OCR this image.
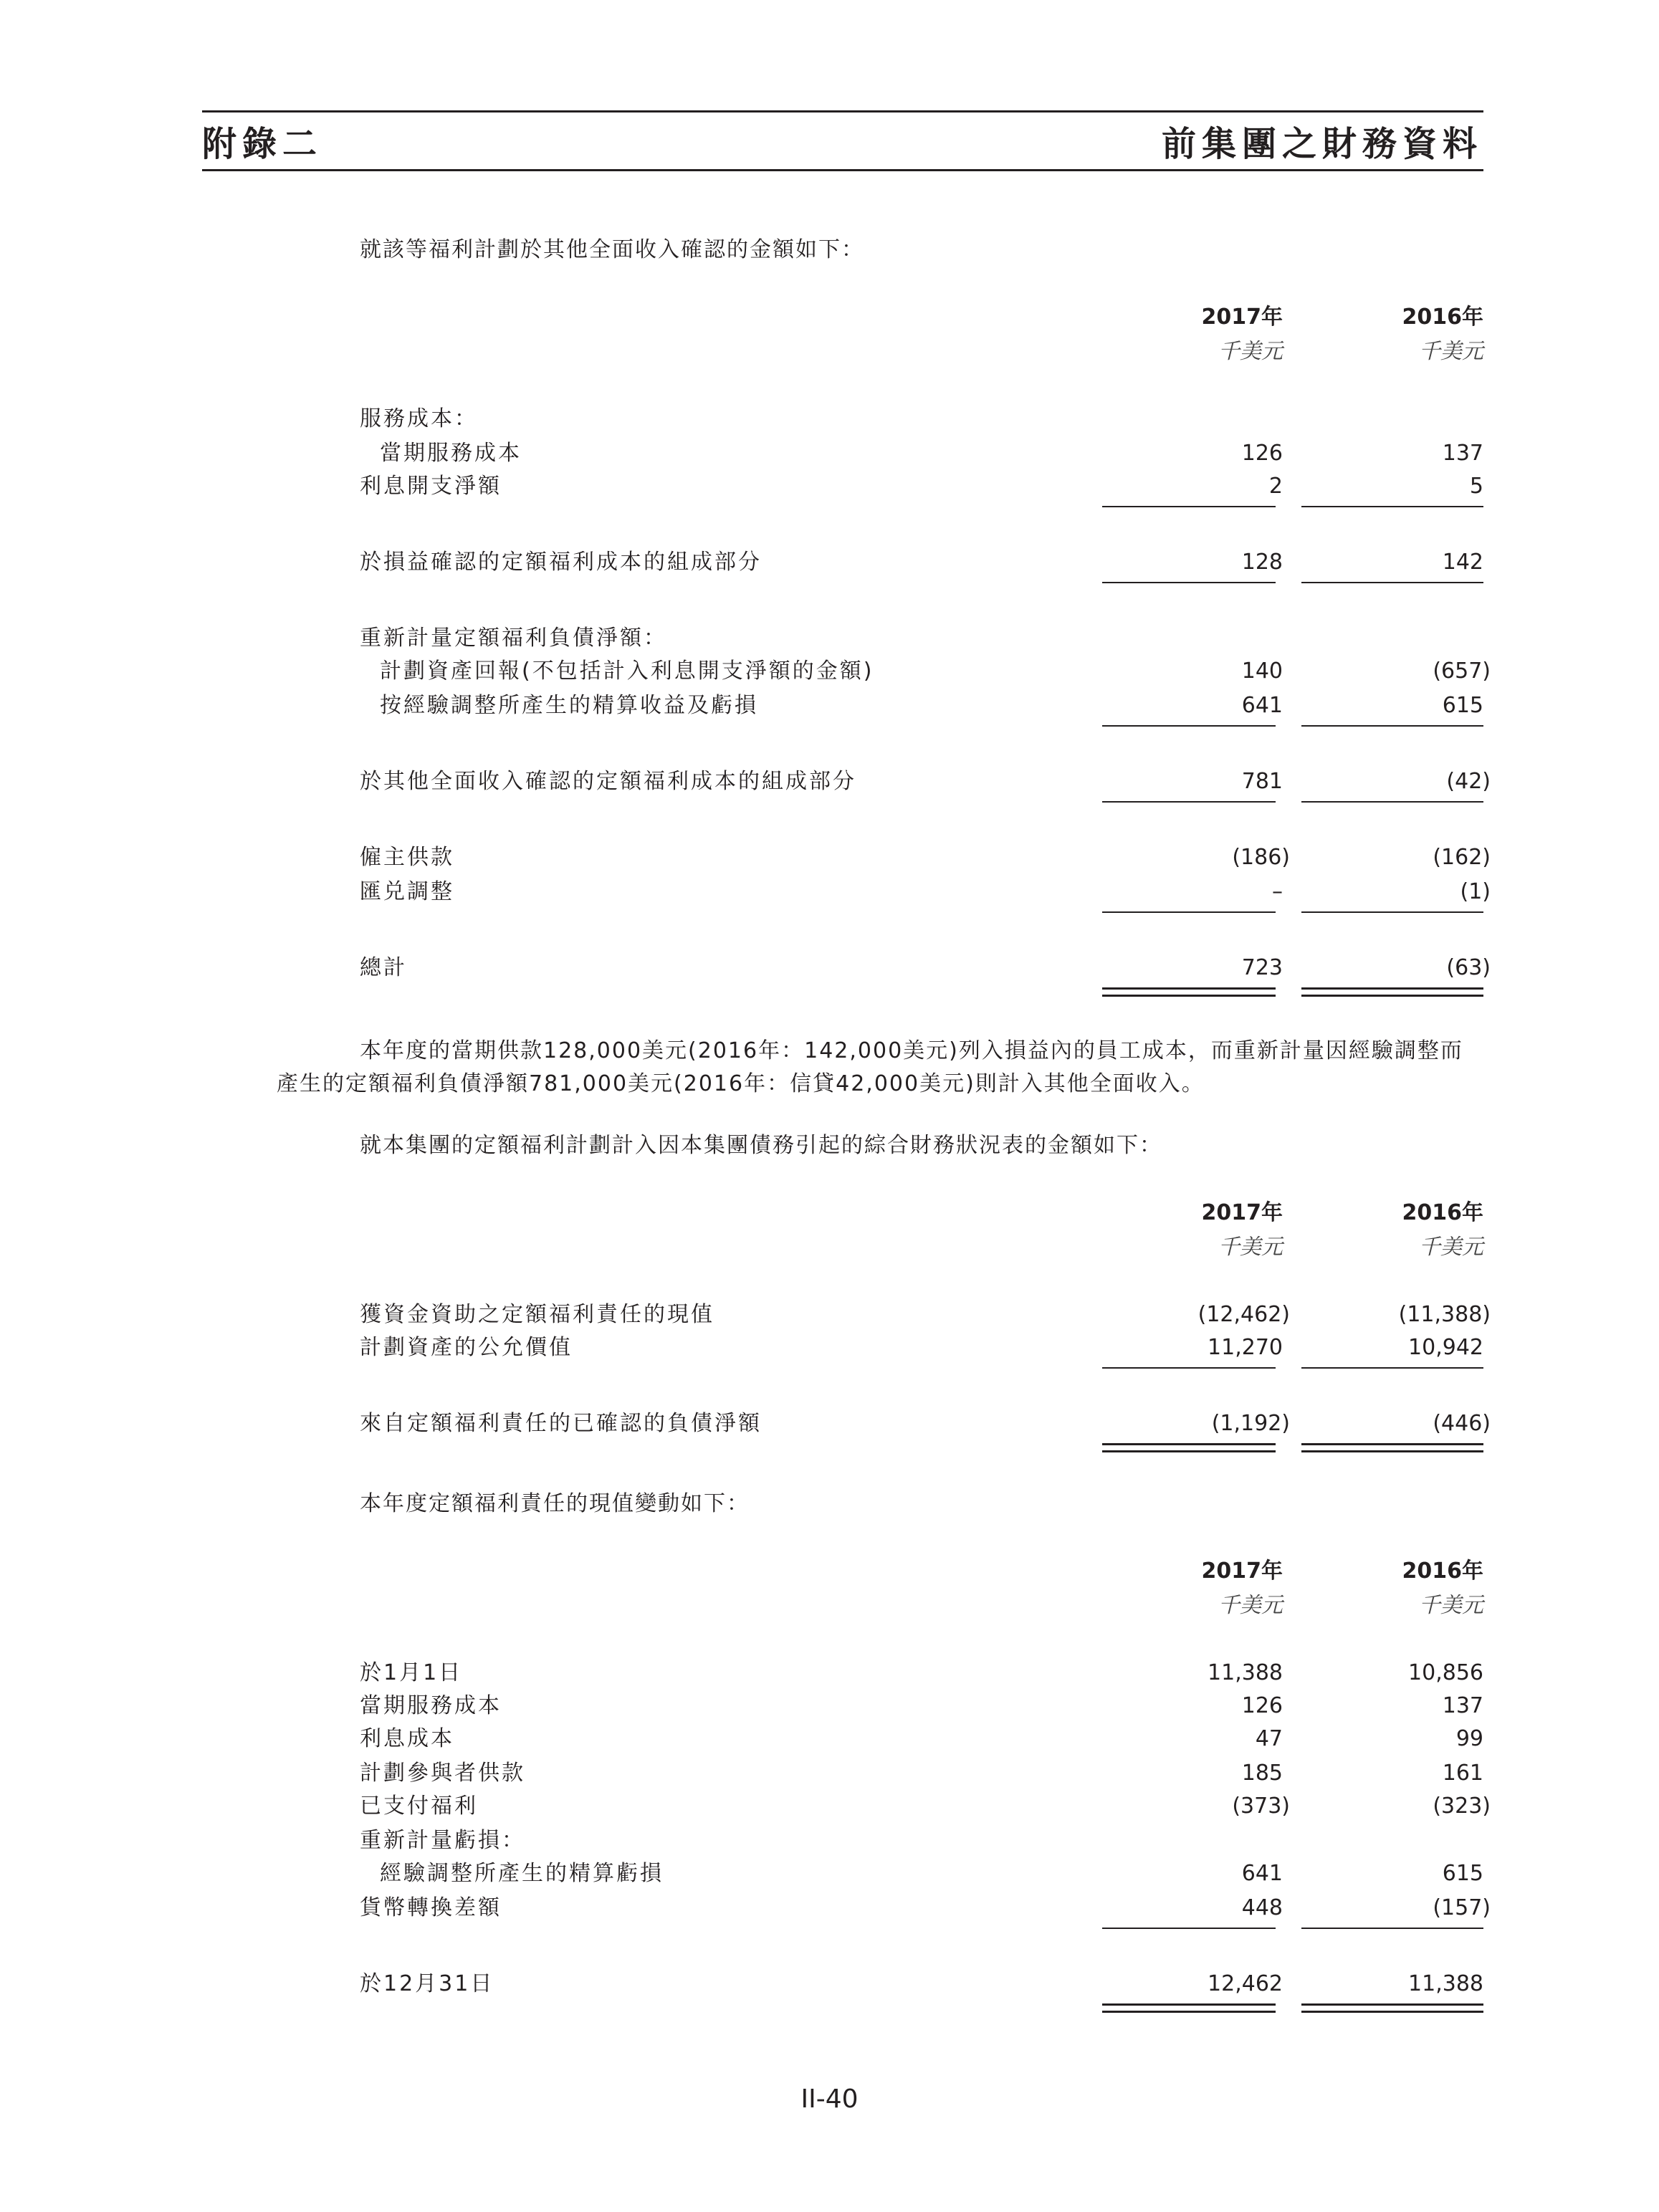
附錄二	前集團之財務資料
就該等福利計劃於其他全面收入確認的金額如下：
2017年	2016年
千美元	千美元
服務成本：
當期服務成本	126	137
利息開支淨額	2	5
於損益確認的定額福利成本的組成部分	128	142
重新計量定額福利負債淨額：
計劃資產回報(不包括計入利息開支淨額的金額)	140	(657)
按經驗調整所產生的精算收益及虧損	641	615
於其他全面收入確認的定額福利成本的組成部分	781	(42)
僱主供款	(186)	(162)
匯兑調整	–	(1)
總計	723	(63)
本年度的當期供款128,000美元(2016年：142,000美元)列入損益內的員工成本，而重新計量因經驗調整而
產生的定額福利負債淨額781,000美元(2016年：信貸42,000美元)則計入其他全面收入。
就本集團的定額福利計劃計入因本集團債務引起的綜合財務狀況表的金額如下：
2017年	2016年
千美元	千美元
獲資金資助之定額福利責任的現值	(12,462)	(11,388)
計劃資產的公允價值	11,270	10,942
來自定額福利責任的已確認的負債淨額	(1,192)	(446)
本年度定額福利責任的現值變動如下：
2017年	2016年
千美元	千美元
於1月1日	11,388	10,856
當期服務成本	126	137
利息成本	47	99
計劃參與者供款	185	161
已支付福利	(373)	(323)
重新計量虧損：
經驗調整所產生的精算虧損	641	615
貨幣轉換差額	448	(157)
於12月31日	12,462	11,388
II-40
